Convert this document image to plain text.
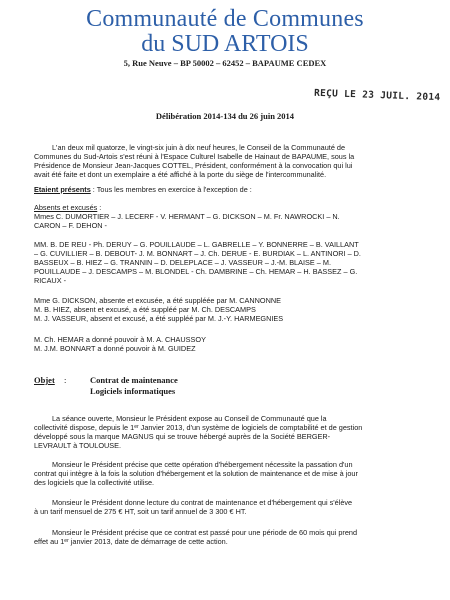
Communauté de Communes
du SUD ARTOIS
5, Rue Neuve – BP 50002 – 62452 – BAPAUME CEDEX
REÇU LE 23 JUIL. 2014
Délibération 2014-134 du 26 juin 2014
L'an deux mil quatorze, le vingt-six juin à dix neuf heures, le Conseil de la Communauté de
Communes du Sud-Artois s'est réuni à l'Espace Culturel Isabelle de Hainaut de BAPAUME, sous la
Présidence de Monsieur Jean-Jacques COTTEL, Président, conformément à la convocation qui lui
avait été faite et dont un exemplaire a été affiché à la porte du siège de l'intercommunalité.
Etaient présents : Tous les membres en exercice à l'exception de :
Absents et excusés :
Mmes C. DUMORTIER – J. LECERF - V. HERMANT – G. DICKSON – M. Fr. NAWROCKI – N.
CARON – F. DEHON -
MM. B. DE REU - Ph. DERUY – G. POUILLAUDE – L. GABRELLE – Y. BONNERRE – B. VAILLANT
– G. CUVILLIER – B. DEBOUT- J. M. BONNART – J. Ch. DERUE - E. BURDIAK – L. ANTINORI – D.
BASSEUX – B. HIEZ – G. TRANNIN – D. DELEPLACE – J. VASSEUR – J.-M. BLAISE – M.
POUILLAUDE – J. DESCAMPS – M. BLONDEL - Ch. DAMBRINE – Ch. HEMAR – H. BASSEZ – G.
RICAUX -
Mme G. DICKSON, absente et excusée, a été suppléée par M. CANNONNE
M. B. HIEZ, absent et excusé, a été suppléé par M. Ch. DESCAMPS
M. J. VASSEUR, absent et excusé, a été suppléé par M. J.-Y. HARMEGNIES
M. Ch. HEMAR a donné pouvoir à M. A. CHAUSSOY
M. J.M. BONNART a donné pouvoir à M. GUIDEZ
Objet :	Contrat de maintenance
Logiciels informatiques
La séance ouverte, Monsieur le Président expose au Conseil de Communauté que la
collectivité dispose, depuis le 1er Janvier 2013, d'un système de logiciels de comptabilité et de gestion
développé sous la marque MAGNUS qui se trouve hébergé auprès de la Société BERGER-
LEVRAULT à TOULOUSE.
Monsieur le Président précise que cette opération d'hébergement nécessite la passation d'un
contrat qui intègre à la fois la solution d'hébergement et la solution de maintenance et de mise à jour
des logiciels que la collectivité utilise.
Monsieur le Président donne lecture du contrat de maintenance et d'hébergement qui s'élève
à un tarif mensuel de 275 € HT, soit un tarif annuel de 3 300 € HT.
Monsieur le Président précise que ce contrat est passé pour une période de 60 mois qui prend
effet au 1er janvier 2013, date de démarrage de cette action.
